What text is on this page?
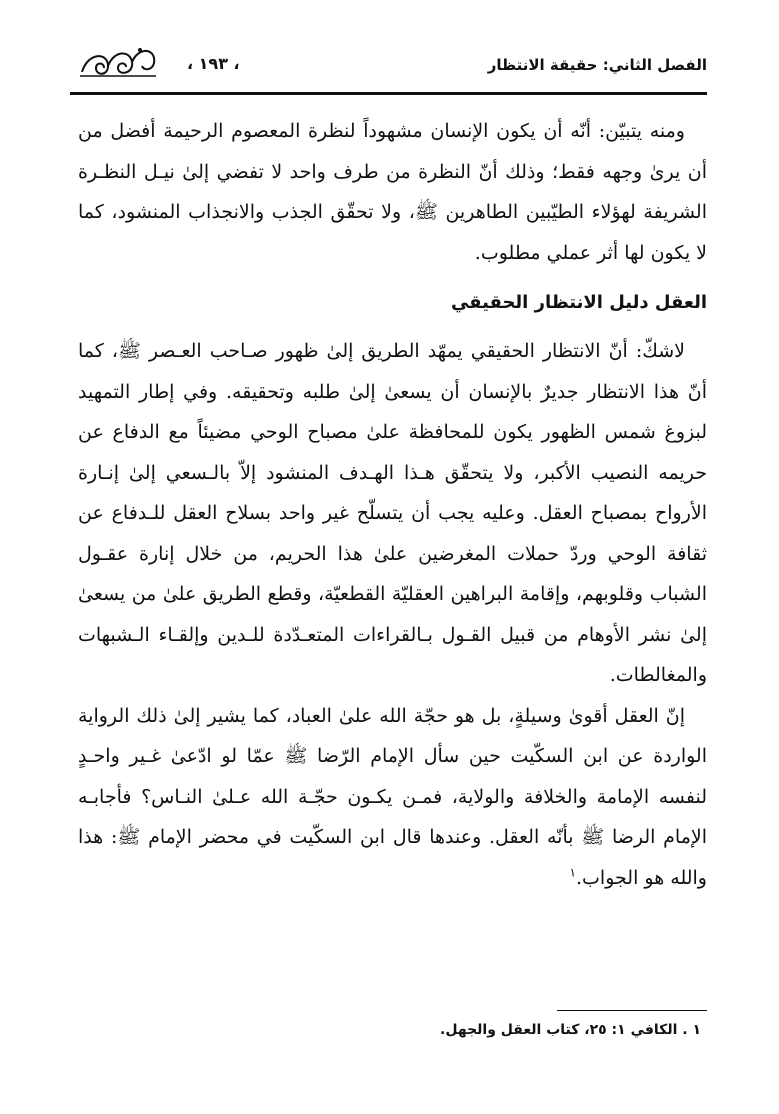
الفصل الثاني: حقيقة الانتظار
، ١٩٣ ،

ومنه يتبيّن: أنّه أن يكون الإنسان مشهوداً لنظرة المعصوم الرحيمة أفضل من أن يرىٰ وجهه فقط؛ وذلك أنّ النظرة من طرف واحد لا تفضي إلىٰ نيـل النظـرة الشريفة لهؤلاء الطيّبين الطاهرين ﷺ، ولا تحقّق الجذب والانجذاب المنشود، كما لا يكون لها أثر عملي مطلوب.

العقل دليل الانتظار الحقيقي

لاشكّ: أنّ الانتظار الحقيقي يمهّد الطريق إلىٰ ظهور صـاحب العـصر ﷺ، كما أنّ هذا الانتظار جديرٌ بالإنسان أن يسعىٰ إلىٰ طلبه وتحقيقه. وفي إطار التمهيد لبزوغ شمس الظهور يكون للمحافظة علىٰ مصباح الوحي مضيئاً مع الدفاع عن حريمه النصيب الأكبر، ولا يتحقّق هـذا الهـدف المنشود إلاّ بالـسعي إلىٰ إنـارة الأرواح بمصباح العقل. وعليه يجب أن يتسلّح غير واحد بسلاح العقل للـدفاع عن ثقافة الوحي وردّ حملات المغرضين علىٰ هذا الحريم، من خلال إنارة عقـول الشباب وقلوبهم، وإقامة البراهين العقليّة القطعيّة، وقطع الطريق علىٰ من يسعىٰ إلىٰ نشر الأوهام من قبيل القـول بـالقراءات المتعـدّدة للـدين وإلقـاء الـشبهات والمغالطات.

إنّ العقل أقوىٰ وسيلةٍ، بل هو حجّة الله علىٰ العباد، كما يشير إلىٰ ذلك الرواية الواردة عن ابن السكّيت حين سأل الإمام الرّضا ﷺ عمّا لو ادّعىٰ غـير واحـدٍ لنفسه الإمامة والخلافة والولاية، فمـن يكـون حجّـة الله عـلىٰ النـاس؟ فأجابـه الإمام الرضا ﷺ بأنّه العقل. وعندها قال ابن السكّيت في محضر الإمام ﷺ: هذا والله هو الجواب.$^١$

١ . الكافي ١: ٢٥، كتاب العقل والجهل.
